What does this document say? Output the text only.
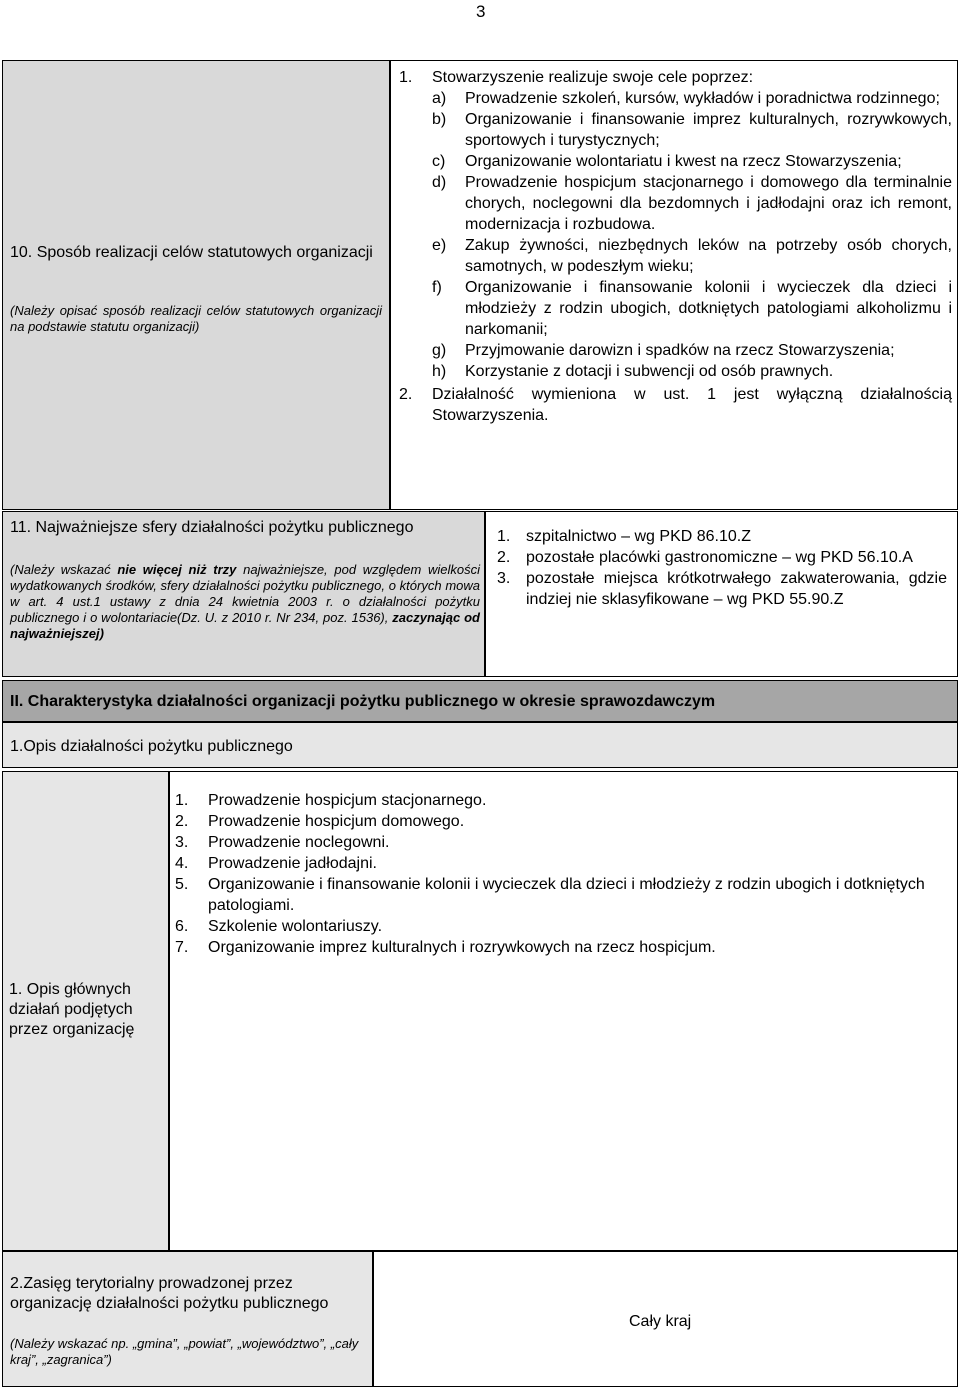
3
10. Sposób realizacji celów statutowych organizacji
(Należy opisać sposób realizacji celów statutowych organizacji na podstawie statutu organizacji)
1.	Stowarzyszenie realizuje swoje cele poprzez:
a)	Prowadzenie szkoleń, kursów, wykładów i poradnictwa rodzinnego;
b)	Organizowanie i finansowanie imprez kulturalnych, rozrywkowych, sportowych i turystycznych;
c)	Organizowanie wolontariatu i kwest na rzecz Stowarzyszenia;
d)	Prowadzenie hospicjum stacjonarnego i domowego dla terminalnie chorych, noclegowni dla bezdomnych i jadłodajni oraz ich remont, modernizacja i rozbudowa.
e)	Zakup żywności, niezbędnych leków na potrzeby osób chorych, samotnych, w podeszłym wieku;
f)	Organizowanie i finansowanie kolonii i wycieczek dla dzieci i młodzieży z rodzin ubogich, dotkniętych patologiami alkoholizmu i narkomanii;
g)	Przyjmowanie darowizn i spadków na rzecz Stowarzyszenia;
h)	Korzystanie z dotacji i subwencji od osób prawnych.
2.	Działalność wymieniona w ust. 1 jest wyłączną działalnością Stowarzyszenia.
11. Najważniejsze sfery działalności pożytku publicznego
(Należy wskazać nie więcej niż trzy najważniejsze, pod względem wielkości wydatkowanych środków, sfery działalności pożytku publicznego, o których mowa w art. 4 ust.1 ustawy z dnia 24 kwietnia 2003 r. o działalności pożytku publicznego i o wolontariacie(Dz. U. z 2010 r. Nr 234, poz. 1536), zaczynając od najważniejszej)
1. szpitalnictwo – wg PKD 86.10.Z
2. pozostałe placówki gastronomiczne – wg PKD 56.10.A
3. pozostałe miejsca krótkotrwałego zakwaterowania, gdzie indziej nie sklasyfikowane – wg PKD 55.90.Z
II. Charakterystyka działalności organizacji pożytku publicznego w okresie sprawozdawczym
1.Opis działalności pożytku publicznego
1. Opis głównych działań podjętych przez organizację
1.	Prowadzenie hospicjum stacjonarnego.
2.	Prowadzenie hospicjum domowego.
3.	Prowadzenie noclegowni.
4.	Prowadzenie jadłodajni.
5.	Organizowanie i finansowanie kolonii i wycieczek dla dzieci i młodzieży z rodzin ubogich i dotkniętych patologiami.
6.	Szkolenie wolontariuszy.
7.	Organizowanie imprez kulturalnych i rozrywkowych na rzecz hospicjum.
2.Zasięg terytorialny prowadzonej przez organizację działalności pożytku publicznego
(Należy wskazać np. „gmina”, „powiat”, „województwo”, „cały kraj”, „zagranica”)
Cały kraj
